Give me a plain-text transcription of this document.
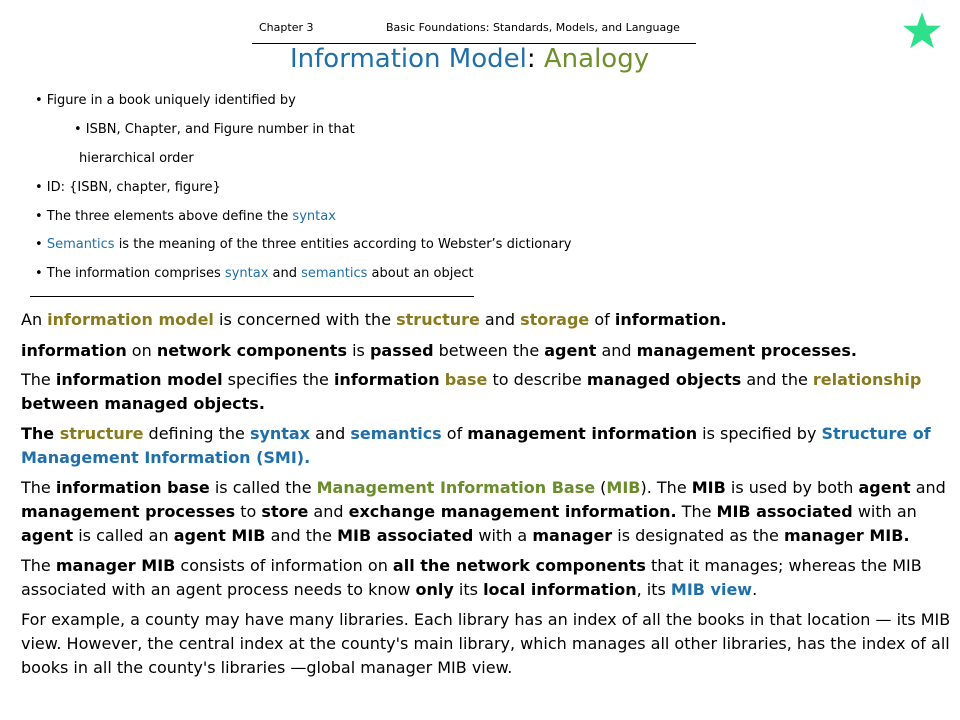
Chapter 3	Basic Foundations: Standards, Models, and Language
Information Model: Analogy
• Figure in a book uniquely identified by
• ISBN, Chapter, and Figure number in that
hierarchical order
• ID: {ISBN, chapter, figure}
• The three elements above define the syntax
• Semantics is the meaning of the three entities according to Webster’s dictionary
• The information comprises syntax and semantics about an object
An information model is concerned with the structure and storage of information.
information on network components is passed between the agent and management processes.
The information model specifies the information base to describe managed objects and the relationship between managed objects.
The structure defining the syntax and semantics of management information is specified by Structure of Management Information (SMI).
The information base is called the Management Information Base (MIB). The MIB is used by both agent and management processes to store and exchange management information. The MIB associated with an agent is called an agent MIB and the MIB associated with a manager is designated as the manager MIB.
The manager MIB consists of information on all the network components that it manages; whereas the MIB associated with an agent process needs to know only its local information, its MIB view.
For example, a county may have many libraries. Each library has an index of all the books in that location — its MIB view. However, the central index at the county's main library, which manages all other libraries, has the index of all books in all the county's libraries —global manager MIB view.
